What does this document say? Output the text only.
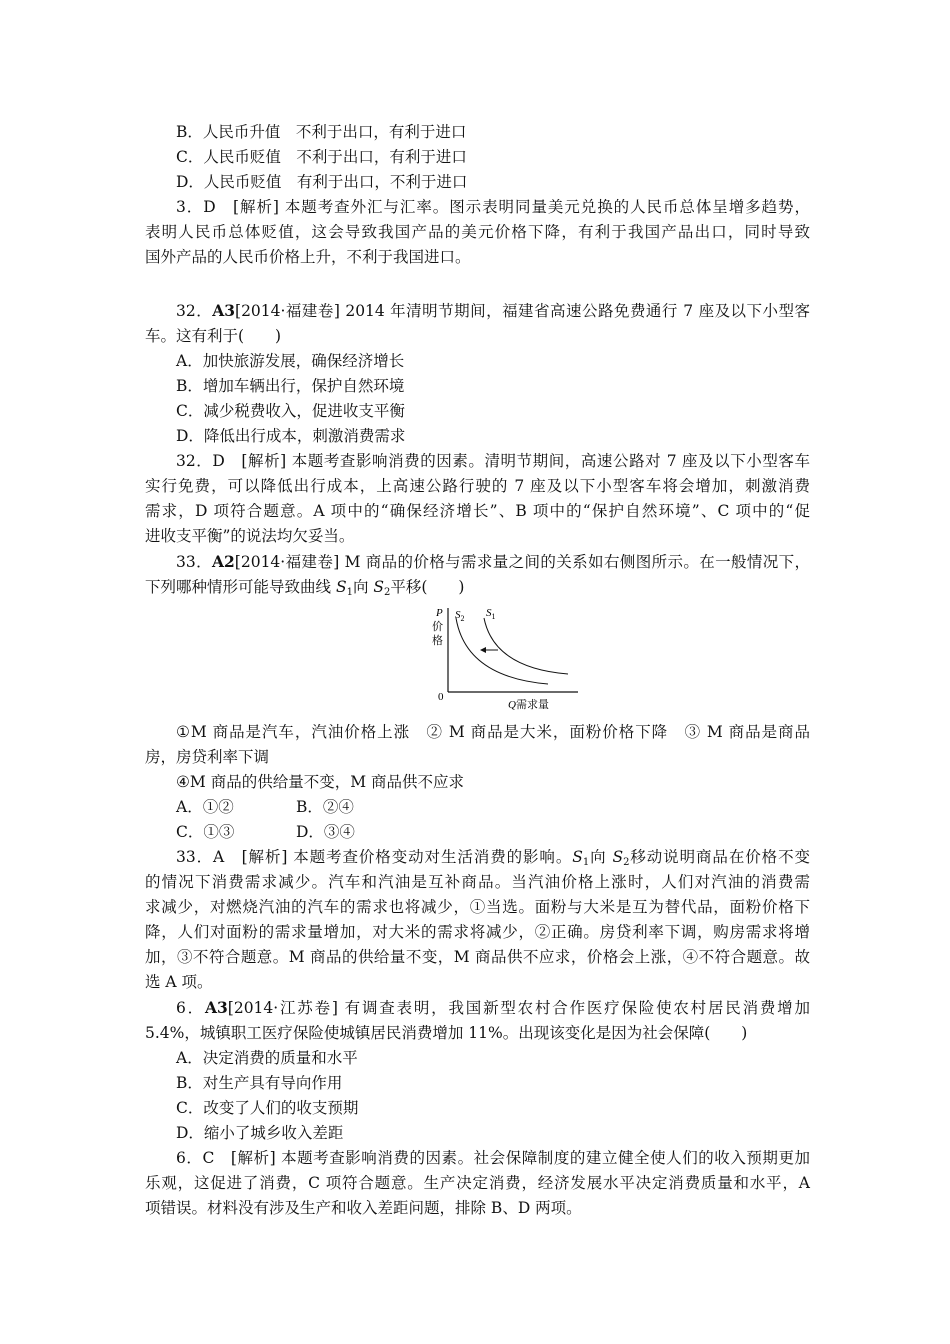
B．人民币升值　不利于出口，有利于进口
C．人民币贬值　不利于出口，有利于进口
D．人民币贬值　有利于出口，不利于进口
3．D　[解析] 本题考查外汇与汇率。图示表明同量美元兑换的人民币总体呈增多趋势，
表明人民币总体贬值，这会导致我国产品的美元价格下降，有利于我国产品出口，同时导致
国外产品的人民币价格上升，不利于我国进口。
32．A3[2014·福建卷] 2014 年清明节期间，福建省高速公路免费通行 7 座及以下小型客
车。这有利于(　　)
A．加快旅游发展，确保经济增长
B．增加车辆出行，保护自然环境
C．减少税费收入，促进收支平衡
D．降低出行成本，刺激消费需求
32．D　[解析] 本题考查影响消费的因素。清明节期间，高速公路对 7 座及以下小型客车
实行免费，可以降低出行成本，上高速公路行驶的 7 座及以下小型客车将会增加，刺激消费
需求，D 项符合题意。A 项中的“确保经济增长”、B 项中的“保护自然环境”、C 项中的“促
进收支平衡”的说法均欠妥当。
33．A2[2014·福建卷] M 商品的价格与需求量之间的关系如右侧图所示。在一般情况下，
下列哪种情形可能导致曲线 $S_1$向 $S_2$平移(　　)
P
价
格
$S_2$ $S_1$
0
Q需求量
①M 商品是汽车，汽油价格上涨　② M 商品是大米，面粉价格下降　③ M 商品是商品
房，房贷利率下调
④M 商品的供给量不变，M 商品供不应求
A．①②	B．②④
C．①③	D．③④
33．A　[解析] 本题考查价格变动对生活消费的影响。$S_1$向 $S_2$移动说明商品在价格不变
的情况下消费需求减少。汽车和汽油是互补商品。当汽油价格上涨时，人们对汽油的消费需
求减少，对燃烧汽油的汽车的需求也将减少，①当选。面粉与大米是互为替代品，面粉价格下
降，人们对面粉的需求量增加，对大米的需求将减少，②正确。房贷利率下调，购房需求将增
加，③不符合题意。M 商品的供给量不变，M 商品供不应求，价格会上涨，④不符合题意。故
选 A 项。
6．A3[2014·江苏卷] 有调查表明，我国新型农村合作医疗保险使农村居民消费增加
5.4%，城镇职工医疗保险使城镇居民消费增加 11%。出现该变化是因为社会保障(　　)
A．决定消费的质量和水平
B．对生产具有导向作用
C．改变了人们的收支预期
D．缩小了城乡收入差距
6．C　[解析] 本题考查影响消费的因素。社会保障制度的建立健全使人们的收入预期更加
乐观，这促进了消费，C 项符合题意。生产决定消费，经济发展水平决定消费质量和水平，A
项错误。材料没有涉及生产和收入差距问题，排除 B、D 两项。
